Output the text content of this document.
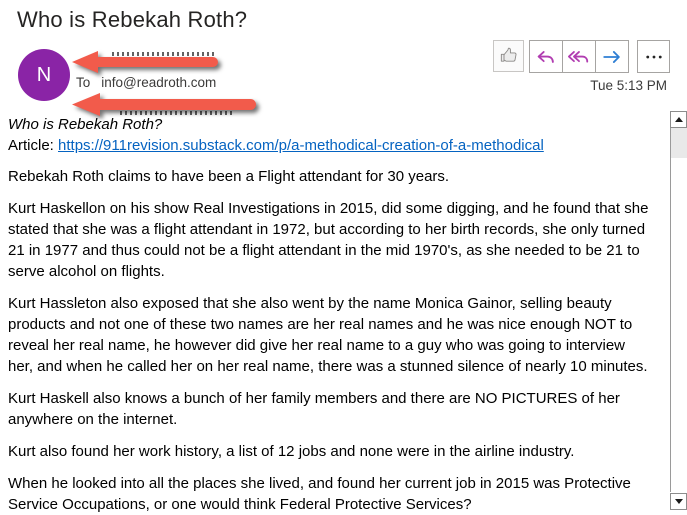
Who is Rebekah Roth?
N To info@readroth.com	Tue 5:13 PM
Who is Rebekah Roth?
Article: https://911revision.substack.com/p/a-methodical-creation-of-a-methodical

Rebekah Roth claims to have been a Flight attendant for 30 years.

Kurt Haskellon on his show Real Investigations in 2015, did some digging, and he found that she stated that she was a flight attendant in 1972, but according to her birth records, she only turned 21 in 1977 and thus could not be a flight attendant in the mid 1970's, as she needed to be 21 to serve alcohol on flights.

Kurt Hassleton also exposed that she also went by the name Monica Gainor, selling beauty products and not one of these two names are her real names and he was nice enough NOT to reveal her real name, he however did give her real name to a guy who was going to interview her, and when he called her on her real name, there was a stunned silence of nearly 10 minutes.

Kurt Haskell also knows a bunch of her family members and there are NO PICTURES of her anywhere on the internet.

Kurt also found her work history, a list of 12 jobs and none were in the airline industry.

When he looked into all the places she lived, and found her current job in 2015 was Protective Service Occupations, or one would think Federal Protective Services?
